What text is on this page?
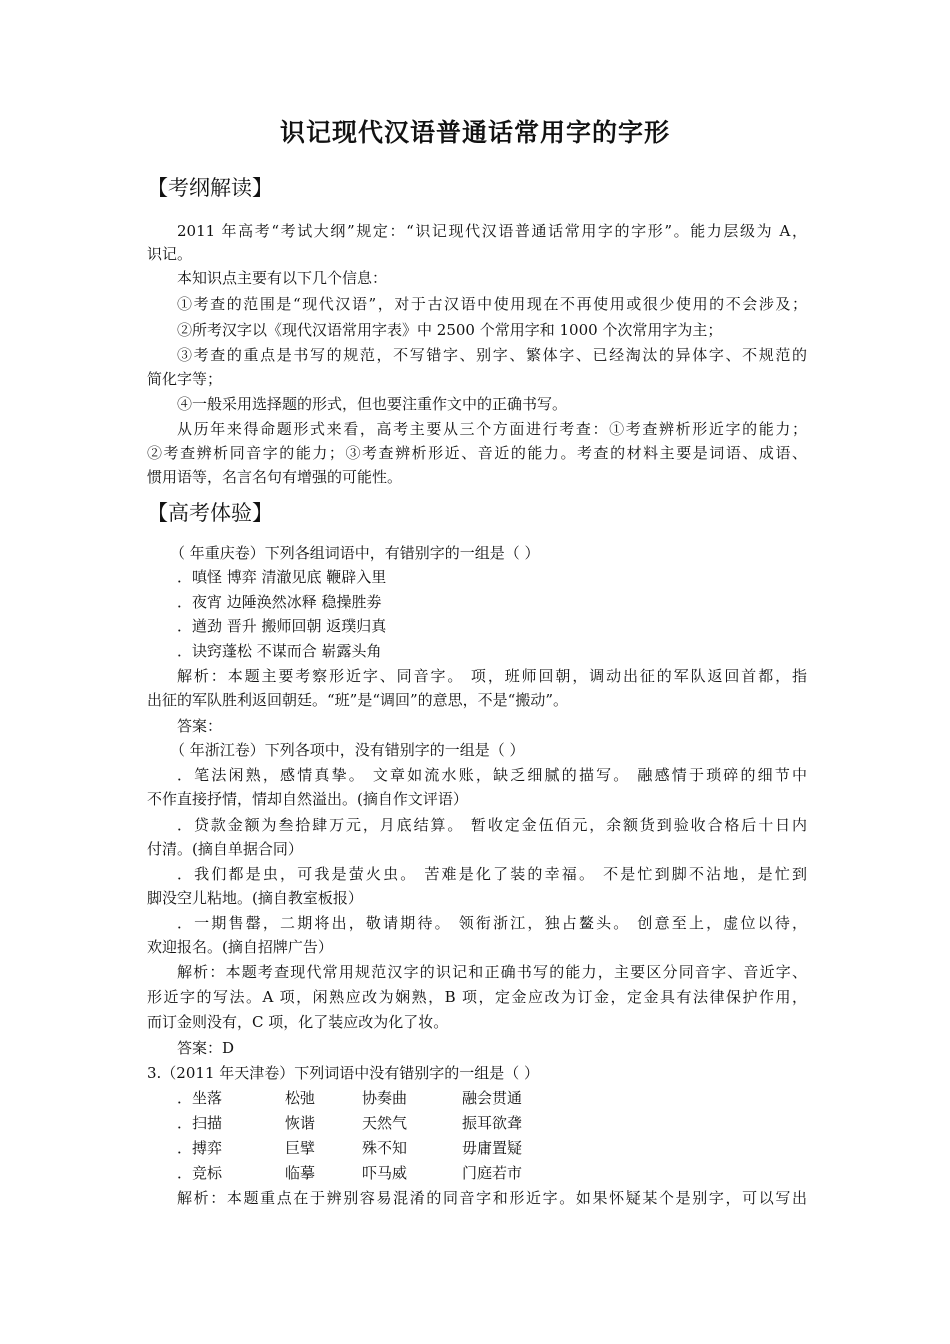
识记现代汉语普通话常用字的字形
【考纲解读】
2011 年高考“考试大纲”规定：“识记现代汉语普通话常用字的字形”。能力层级为 A，
识记。
本知识点主要有以下几个信息：
①考查的范围是“现代汉语”，对于古汉语中使用现在不再使用或很少使用的不会涉及；
②所考汉字以《现代汉语常用字表》中 2500 个常用字和 1000 个次常用字为主；
③考查的重点是书写的规范，不写错字、别字、繁体字、已经淘汰的异体字、不规范的
简化字等；
④一般采用选择题的形式，但也要注重作文中的正确书写。
从历年来得命题形式来看，高考主要从三个方面进行考查：①考查辨析形近字的能力；
②考查辨析同音字的能力；③考查辨析形近、音近的能力。考查的材料主要是词语、成语、
惯用语等，名言名句有增强的可能性。
【高考体验】
（ 年重庆卷）下列各组词语中，有错别字的一组是（ ）
．嗔怪 博弈 清澈见底 鞭辟入里
．夜宵 边陲涣然冰释 稳操胜劵
．遒劲 晋升 搬师回朝 返璞归真
．诀窍蓬松 不谋而合 崭露头角
解析：本题主要考察形近字、同音字。 项，班师回朝，调动出征的军队返回首都，指
出征的军队胜利返回朝廷。“班”是“调回”的意思，不是“搬动”。
答案：
（ 年浙江卷）下列各项中，没有错别字的一组是（ ）
．笔法闲熟，感情真挚。 文章如流水账，缺乏细腻的描写。 融感情于琐碎的细节中
不作直接抒情，情却自然溢出。(摘自作文评语）
．贷款金额为叁拾肆万元，月底结算。 暂收定金伍佰元，余额货到验收合格后十日内
付清。(摘自单据合同）
．我们都是虫，可我是萤火虫。 苦难是化了装的幸福。 不是忙到脚不沾地，是忙到
脚没空儿粘地。(摘自教室板报）
．一期售罄，二期将出，敬请期待。 领衔浙江，独占鳌头。 创意至上，虚位以待，
欢迎报名。(摘自招牌广告）
解析：本题考查现代常用规范汉字的识记和正确书写的能力，主要区分同音字、音近字、
形近字的写法。A 项，闲熟应改为娴熟，B 项，定金应改为订金，定金具有法律保护作用，
而订金则没有，C 项，化了装应改为化了妆。
答案：D
3.（2011 年天津卷）下列词语中没有错别字的一组是（ ）
．坐落	松弛	协奏曲	融会贯通
．扫描	恢谐	天然气	振耳欲聋
．搏弈	巨擘	殊不知	毋庸置疑
．竞标	临摹	吓马威	门庭若市
解析：本题重点在于辨别容易混淆的同音字和形近字。如果怀疑某个是别字，可以写出
